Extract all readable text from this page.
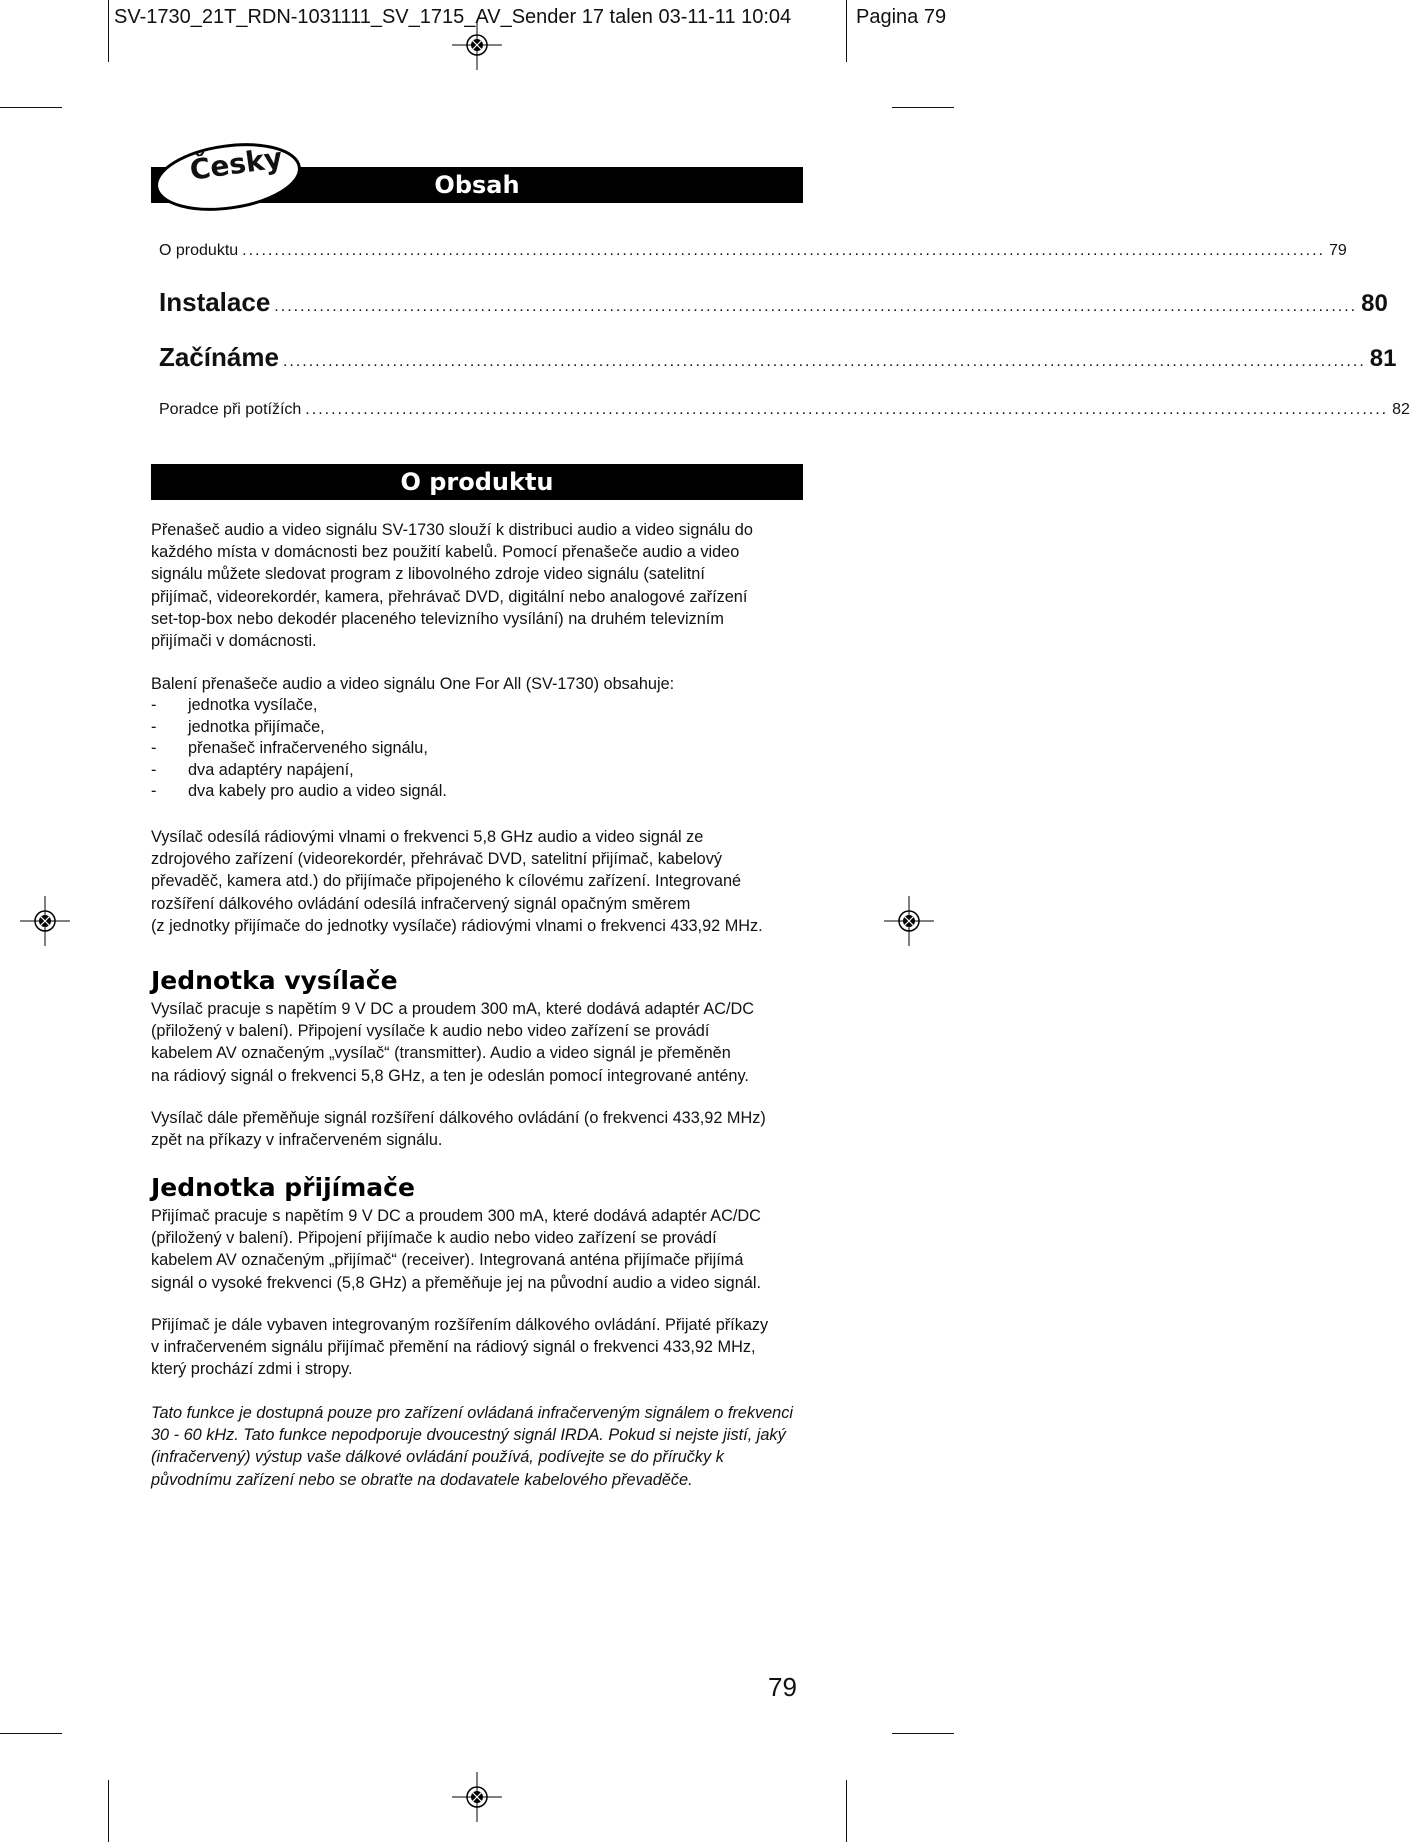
SV-1730_21T_RDN-1031111_SV_1715_AV_Sender 17 talen 03-11-11 10:04	Pagina 79
Obsah
Česky
O produktu ........................................................................................................................................................................ 79
Instalace ........................................................................................................................................................................ 80
Začínáme ........................................................................................................................................................................ 81
Poradce při potížích ........................................................................................................................................................................ 82
O produktu
Přenašeč audio a video signálu SV-1730 slouží k distribuci audio a video signálu do
každého místa v domácnosti bez použití kabelů. Pomocí přenašeče audio a video
signálu můžete sledovat program z libovolného zdroje video signálu (satelitní
přijímač, videorekordér, kamera, přehrávač DVD, digitální nebo analogové zařízení
set-top-box nebo dekodér placeného televizního vysílání) na druhém televizním
přijímači v domácnosti.
Balení přenašeče audio a video signálu One For All (SV-1730) obsahuje:
- jednotka vysílače,
- jednotka přijímače,
- přenašeč infračerveného signálu,
- dva adaptéry napájení,
- dva kabely pro audio a video signál.
Vysílač odesílá rádiovými vlnami o frekvenci 5,8 GHz audio a video signál ze
zdrojového zařízení (videorekordér, přehrávač DVD, satelitní přijímač, kabelový
převaděč, kamera atd.) do přijímače připojeného k cílovému zařízení. Integrované
rozšíření dálkového ovládání odesílá infračervený signál opačným směrem
(z jednotky přijímače do jednotky vysílače) rádiovými vlnami o frekvenci 433,92 MHz.
Jednotka vysílače
Vysílač pracuje s napětím 9 V DC a proudem 300 mA, které dodává adaptér AC/DC
(přiložený v balení). Připojení vysílače k audio nebo video zařízení se provádí
kabelem AV označeným „vysílač“ (transmitter). Audio a video signál je přeměněn
na rádiový signál o frekvenci 5,8 GHz, a ten je odeslán pomocí integrované antény.
Vysílač dále přeměňuje signál rozšíření dálkového ovládání (o frekvenci 433,92 MHz)
zpět na příkazy v infračerveném signálu.
Jednotka přijímače
Přijímač pracuje s napětím 9 V DC a proudem 300 mA, které dodává adaptér AC/DC
(přiložený v balení). Připojení přijímače k audio nebo video zařízení se provádí
kabelem AV označeným „přijímač“ (receiver). Integrovaná anténa přijímače přijímá
signál o vysoké frekvenci (5,8 GHz) a přeměňuje jej na původní audio a video signál.
Přijímač je dále vybaven integrovaným rozšířením dálkového ovládání. Přijaté příkazy
v infračerveném signálu přijímač přemění na rádiový signál o frekvenci 433,92 MHz,
který prochází zdmi i stropy.
Tato funkce je dostupná pouze pro zařízení ovládaná infračerveným signálem o frekvenci
30 - 60 kHz. Tato funkce nepodporuje dvoucestný signál IRDA. Pokud si nejste jistí, jaký
(infračervený) výstup vaše dálkové ovládání používá, podívejte se do příručky k
původnímu zařízení nebo se obraťte na dodavatele kabelového převaděče.
79
